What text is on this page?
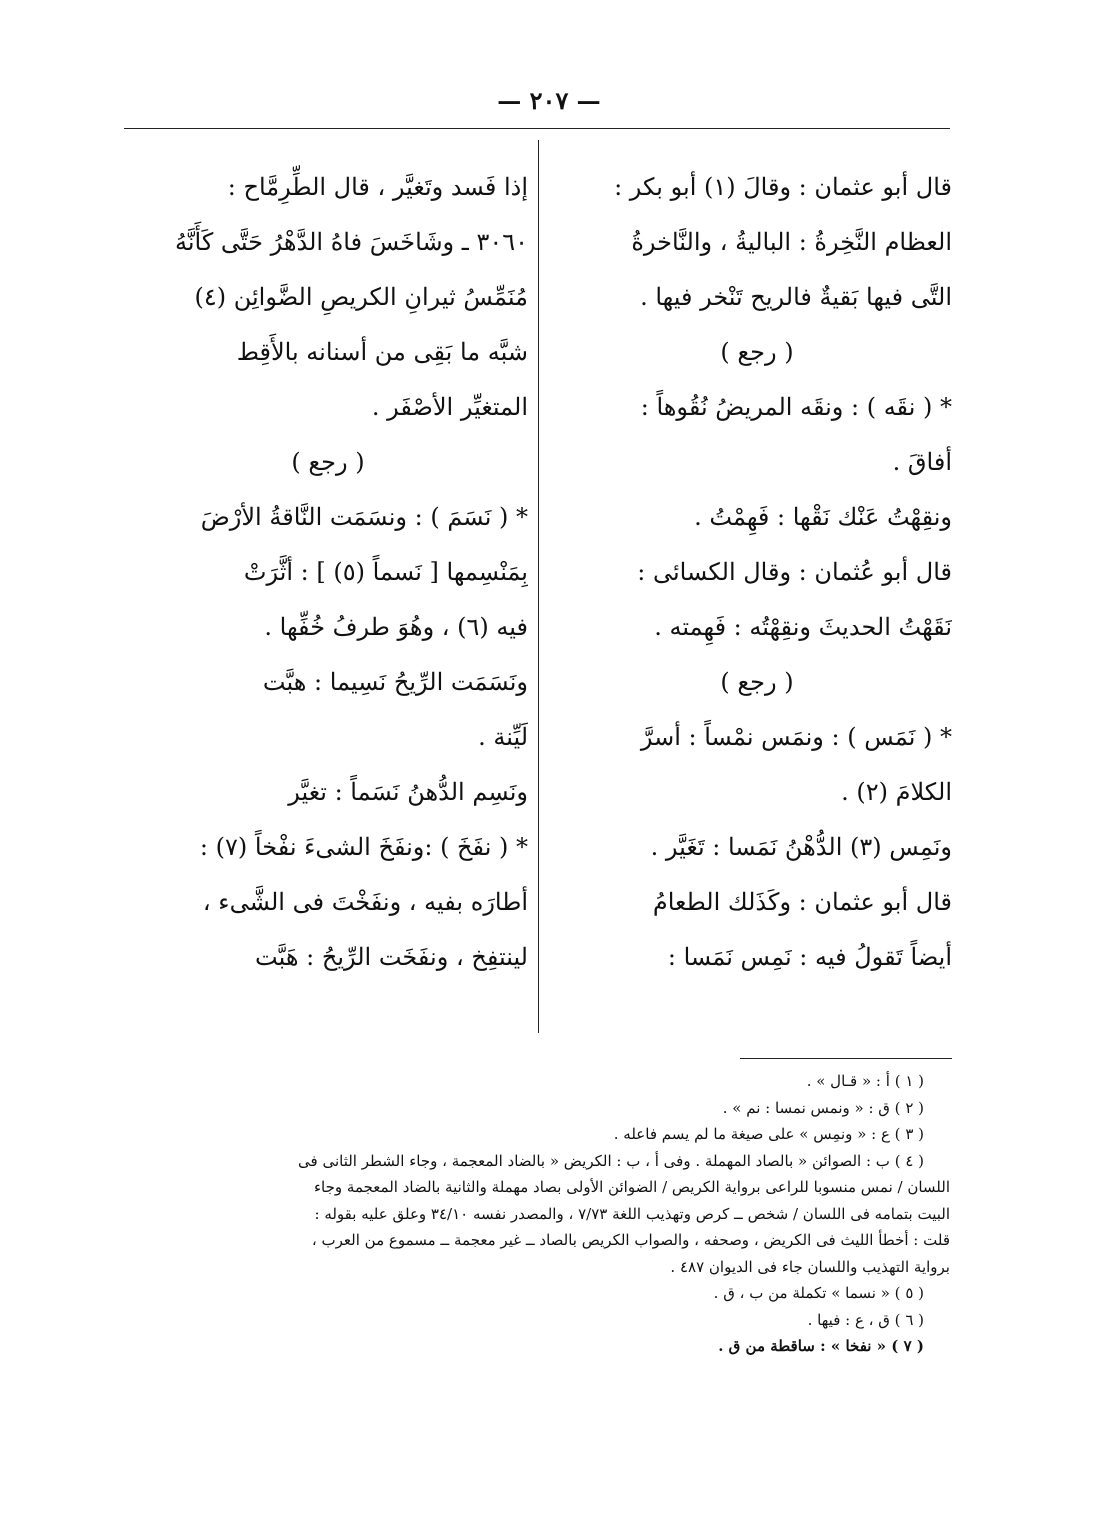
— ٢٠٧ —
قال أبو عثمان : وقالَ (١) أبو بكر :
العظام النَّخِرةُ : الباليةُ ، والنَّاخرةُ
التَّى فيها بَقيةٌ فالريح تَنْخر فيها .
( رجع )
* ( نقَه ) : ونقَه المريضُ نُقُوهاً :
أفاقَ .
ونقِهْتُ عَنْك نَقْها : فَهِمْتُ .
قال أبو عُثمان : وقال الكسائى :
نَقَهْتُ الحديثَ ونقِهْتُه : فَهِمته .
( رجع )
* ( نَمَس ) : ونمَس نمْساً : أسرَّ
الكلامَ (٢) .
ونَمِس (٣) الدُّهْنُ نَمَسا : تَغَيَّر .
قال أبو عثمان : وكَذَلك الطعامُ
أيضاً تَقولُ فيه : نَمِس نَمَسا :
إذا فَسد وتَغيَّر ، قال الطِّرِمَّاح :
٣٠٦٠ ـ وشَاخَسَ فاهُ الدَّهْرُ حَتَّى كَأَنَّهُ
مُنَمِّسُ ثيرانِ الكريصِ الضَّوائِن (٤)
شبَّه ما بَقِى من أسنانه بالأَقِط
المتغيِّر الأصْفَر .
( رجع )
* ( نَسَمَ ) : ونسَمَت النَّاقةُ الأرْضَ
بِمَنْسِمها [ نَسماً (٥) ] : أثَّرَتْ
فيه (٦) ، وهُوَ طرفُ خُفِّها .
ونَسَمَت الرِّيحُ نَسِيما : هبَّت
لَيِّنة .
ونَسِم الدُّهنُ نَسَماً : تغيَّر
* ( نفَخَ ) :ونفَخَ الشىءَ نفْخاً (٧) :
أطارَه بفيه ، ونفَخْتَ فى الشَّىء ،
لينتفِخ ، ونفَخَت الرِّيحُ : هَبَّت
( ١ ) أ : « قـال » .
( ٢ ) ق : « ونمس نمسا : نم » .
( ٣ ) ع : « ونمِس » على صيغة ما لم يسم فاعله .
( ٤ ) ب : الصوائن « بالصاد المهملة . وفى أ ، ب : الكريض « بالضاد المعجمة ، وجاء الشطر الثانى فى
اللسان / نمس منسوبا للراعى برواية الكريص / الضوائن الأولى بصاد مهملة والثانية بالضاد المعجمة وجاء
البيت بتمامه فى اللسان / شخص ــ كرص وتهذيب اللغة ٧/٧٣ ، والمصدر نفسه ٣٤/١٠ وعلق عليه بقوله :
قلت : أخطأ الليث فى الكريض ، وصحفه ، والصواب الكريص بالصاد ــ غير معجمة ــ مسموع من العرب ،
برواية التهذيب واللسان جاء فى الديوان ٤٨٧ .
( ٥ ) « نسما » تكملة من ب ، ق .
( ٦ ) ق ، ع : فيها .
( ٧ ) « نفخا » : ساقطة من ق .
